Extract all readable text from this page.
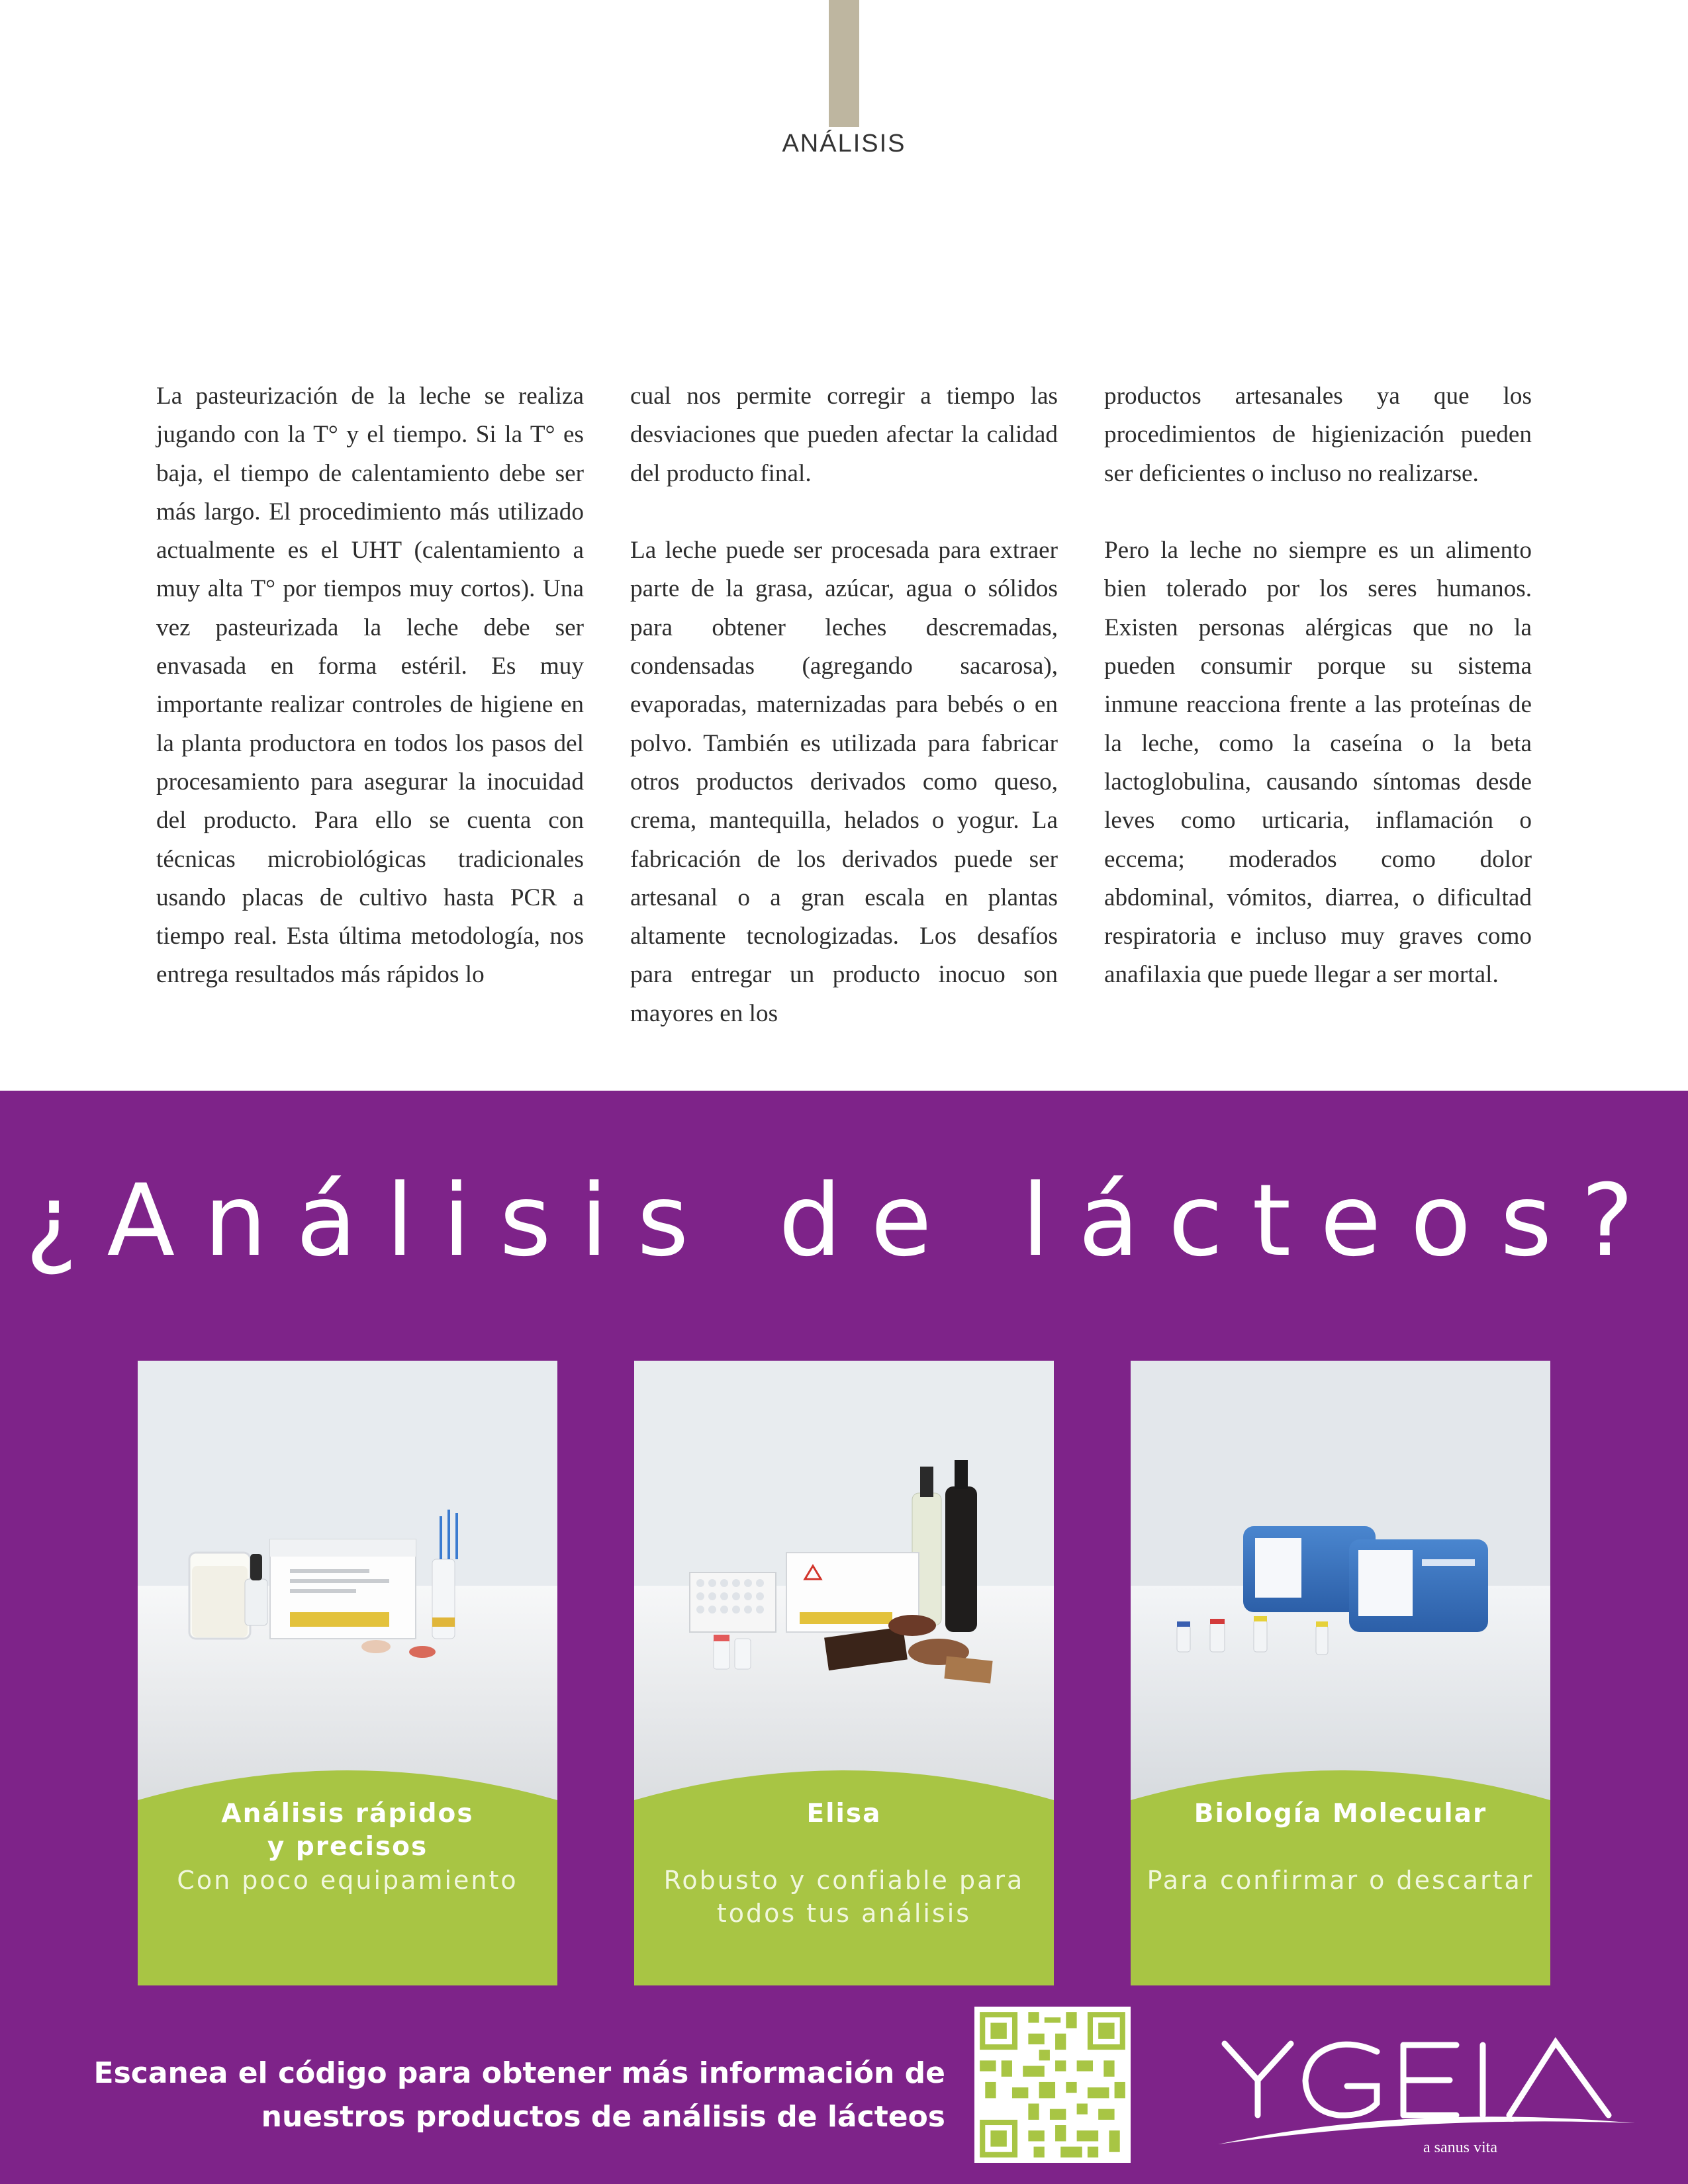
ANÁLISIS

La pasteurización de la leche se realiza jugando con la T° y el tiempo. Si la T° es baja, el tiempo de calentamiento debe ser más largo. El procedimiento más utilizado actualmente es el UHT (calentamiento a muy alta T° por tiempos muy cortos). Una vez pasteurizada la leche debe ser envasada en forma estéril. Es muy importante realizar controles de higiene en la planta productora en todos los pasos del procesamiento para asegurar la inocuidad del producto. Para ello se cuenta con técnicas microbiológicas tradicionales usando placas de cultivo hasta PCR a tiempo real. Esta última metodología, nos entrega resultados más rápidos lo

cual nos permite corregir a tiempo las desviaciones que pueden afectar la calidad del producto final.

La leche puede ser procesada para extraer parte de la grasa, azúcar, agua o sólidos para obtener leches descremadas, condensadas (agregando sacarosa), evaporadas, maternizadas para bebés o en polvo. También es utilizada para fabricar otros productos derivados como queso, crema, mantequilla, helados o yogur. La fabricación de los derivados puede ser artesanal o a gran escala en plantas altamente tecnologizadas. Los desafíos para entregar un producto inocuo son mayores en los

productos artesanales ya que los procedimientos de higienización pueden ser deficientes o incluso no realizarse.

Pero la leche no siempre es un alimento bien tolerado por los seres humanos. Existen personas alérgicas que no la pueden consumir porque su sistema inmune reacciona frente a las proteínas de la leche, como la caseína o la beta lactoglobulina, causando síntomas desde leves como urticaria, inflamación o eccema; moderados como dolor abdominal, vómitos, diarrea, o dificultad respiratoria e incluso muy graves como anafilaxia que puede llegar a ser mortal.

¿Análisis de lácteos?
Análisis rápidos
y precisos
Con poco equipamiento
Elisa
Robusto y confiable para
todos tus análisis
Biología Molecular
Para confirmar o descartar
Escanea el código para obtener más información de
nuestros productos de análisis de lácteos
a sanus vita
